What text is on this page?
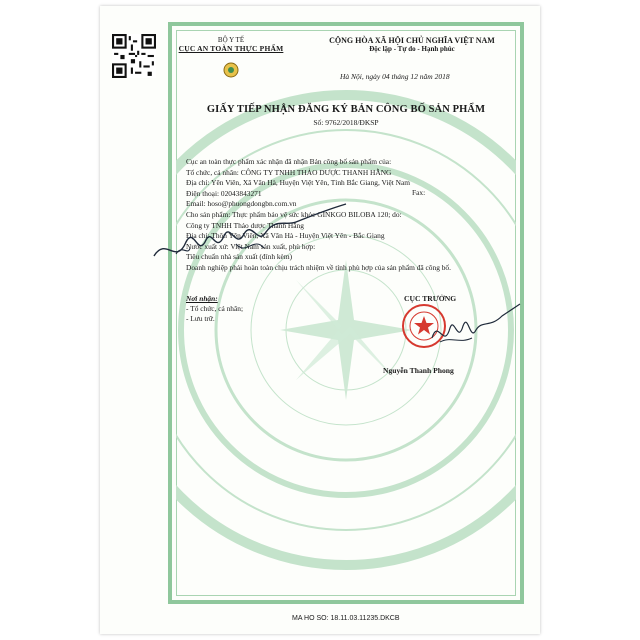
BỘ Y TẾ
CỤC AN TOÀN THỰC PHẨM
CỘNG HÒA XÃ HỘI CHỦ NGHĨA VIỆT NAM
Độc lập - Tự do - Hạnh phúc
Hà Nội, ngày 04 tháng 12 năm 2018
GIẤY TIẾP NHẬN ĐĂNG KÝ BẢN CÔNG BỐ SẢN PHẨM
Số: 9762/2018/ĐKSP
Cục an toàn thực phẩm xác nhận đã nhận Bản công bố sản phẩm của:
Tổ chức, cá nhân: CÔNG TY TNHH THẢO DƯỢC THANH HẰNG
Địa chỉ: Yên Viên, Xã Vân Hà, Huyện Việt Yên, Tỉnh Bắc Giang, Việt Nam
Điện thoại: 02043843271
Email: hoso@phuongdongbn.com.vn
Cho sản phẩm: Thực phẩm bảo vệ sức khỏe GINKGO BILOBA 120; do:
Công ty TNHH Thảo dược Thanh Hằng
Địa chỉ: Thôn Yên Viên, Xã Vân Hà - Huyện Việt Yên - Bắc Giang
Nước xuất xứ: Việt Nam sản xuất, phù hợp:
Tiêu chuẩn nhà sản xuất (đính kèm)
Doanh nghiệp phải hoàn toàn chịu trách nhiệm về tính phù hợp của sản phẩm đã công bố.
Fax:
Nơi nhận:
- Tổ chức, cá nhân;
- Lưu trữ.
CỤC TRƯỞNG
Nguyễn Thanh Phong
MA HO SO: 18.11.03.11235.DKCB
